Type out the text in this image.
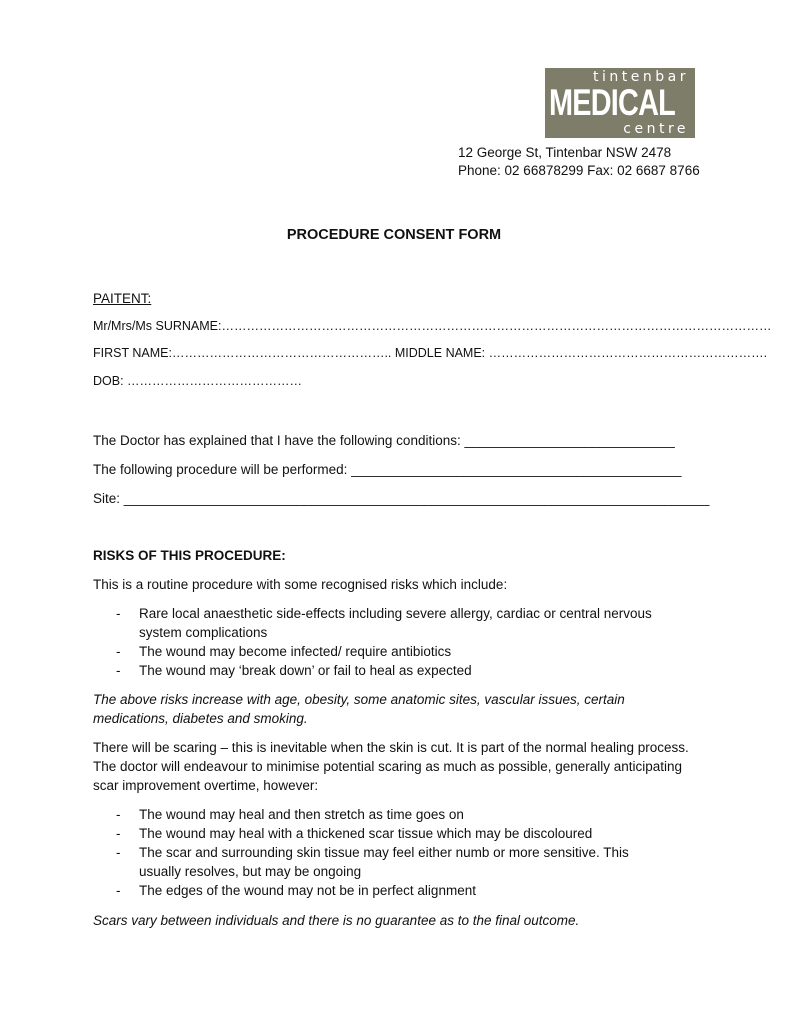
tintenbar
MEDICAL
centre
12 George St, Tintenbar NSW 2478
Phone: 02 66878299 Fax: 02 6687 8766
PROCEDURE CONSENT FORM
PAITENT:
Mr/Mrs/Ms SURNAME:……………………………………………………………………………………………………………………
FIRST NAME:…………………………………………….. MIDDLE NAME: ………………………………………………………….
DOB: ……………………………………
The Doctor has explained that I have the following conditions: ____________________________
The following procedure will be performed: ____________________________________________
Site: ______________________________________________________________________________
RISKS OF THIS PROCEDURE:
This is a routine procedure with some recognised risks which include:
- Rare local anaesthetic side-effects including severe allergy, cardiac or central nervous system complications
- The wound may become infected/ require antibiotics
- The wound may ‘break down’ or fail to heal as expected
The above risks increase with age, obesity, some anatomic sites, vascular issues, certain medications, diabetes and smoking.
There will be scaring – this is inevitable when the skin is cut. It is part of the normal healing process. The doctor will endeavour to minimise potential scaring as much as possible, generally anticipating scar improvement overtime, however:
- The wound may heal and then stretch as time goes on
- The wound may heal with a thickened scar tissue which may be discoloured
- The scar and surrounding skin tissue may feel either numb or more sensitive. This usually resolves, but may be ongoing
- The edges of the wound may not be in perfect alignment
Scars vary between individuals and there is no guarantee as to the final outcome.
